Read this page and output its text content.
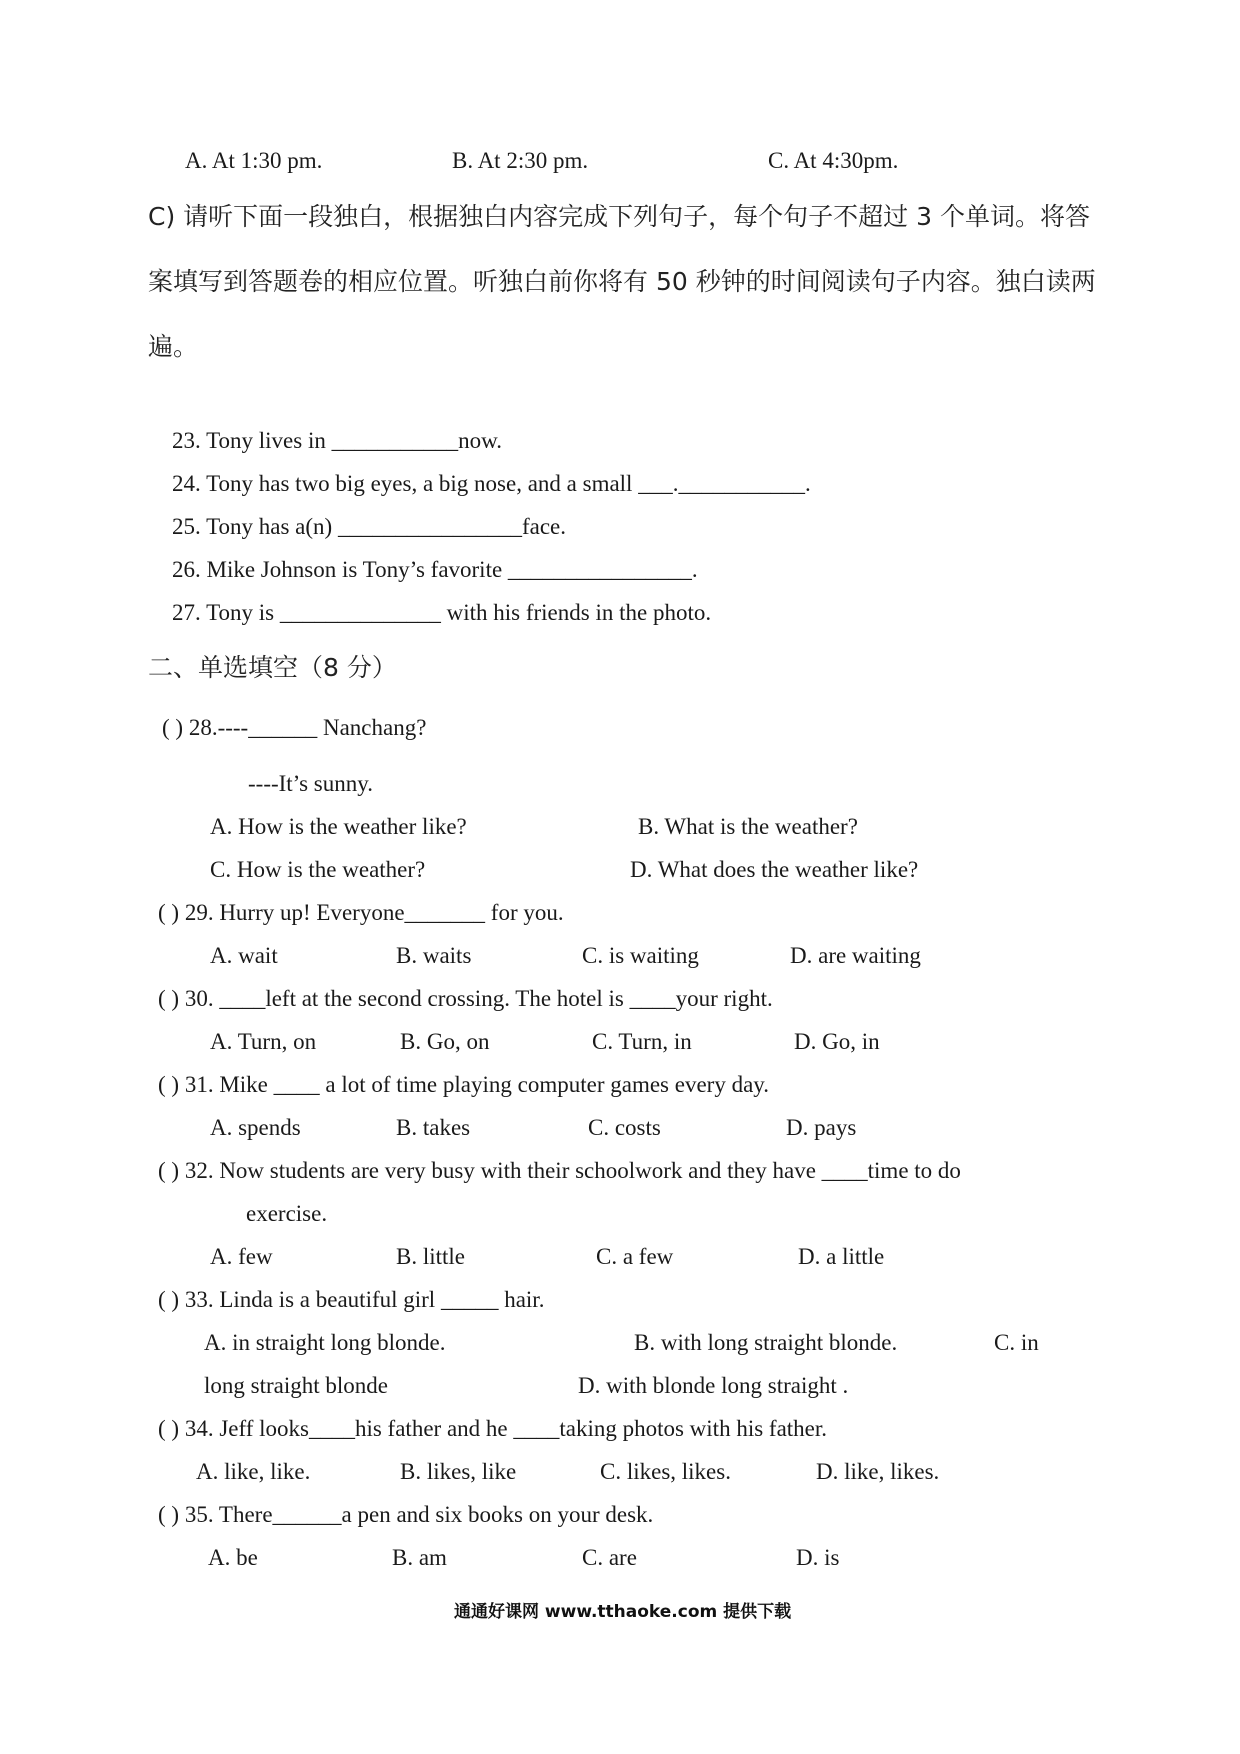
A. At 1:30 pm.	B. At 2:30 pm.	C. At 4:30pm.
C) 请听下面一段独白，根据独白内容完成下列句子，每个句子不超过 3 个单词。将答
案填写到答题卷的相应位置。听独白前你将有 50 秒钟的时间阅读句子内容。独白读两
遍。
23. Tony lives in ___________now.
24. Tony has two big eyes, a big nose, and a small ___.___________.
25. Tony has a(n) ________________face.
26. Mike Johnson is Tony’s favorite ________________.
27. Tony is ______________ with his friends in the photo.
二、单选填空（8 分）
( ) 28.----______ Nanchang?
----It’s sunny.
A. How is the weather like?	B. What is the weather?
C. How is the weather?	D. What does the weather like?
( ) 29. Hurry up! Everyone_______ for you.
A. wait	B. waits	C. is waiting	D. are waiting
( ) 30. ____left at the second crossing. The hotel is ____your right.
A. Turn, on	B. Go, on	C. Turn, in	D. Go, in
( ) 31. Mike ____ a lot of time playing computer games every day.
A. spends	B. takes	C. costs	D. pays
( ) 32. Now students are very busy with their schoolwork and they have ____time to do
exercise.
A. few	B. little	C. a few	D. a little
( ) 33. Linda is a beautiful girl _____ hair.
A. in straight long blonde.	B. with long straight blonde.	C. in
long straight blonde	D. with blonde long straight .
( ) 34. Jeff looks____his father and he ____taking photos with his father.
A. like, like.	B. likes, like	C. likes, likes.	D. like, likes.
( ) 35. There______a pen and six books on your desk.
A. be	B. am	C. are	D. is
通通好课网 www.tthaoke.com 提供下载
